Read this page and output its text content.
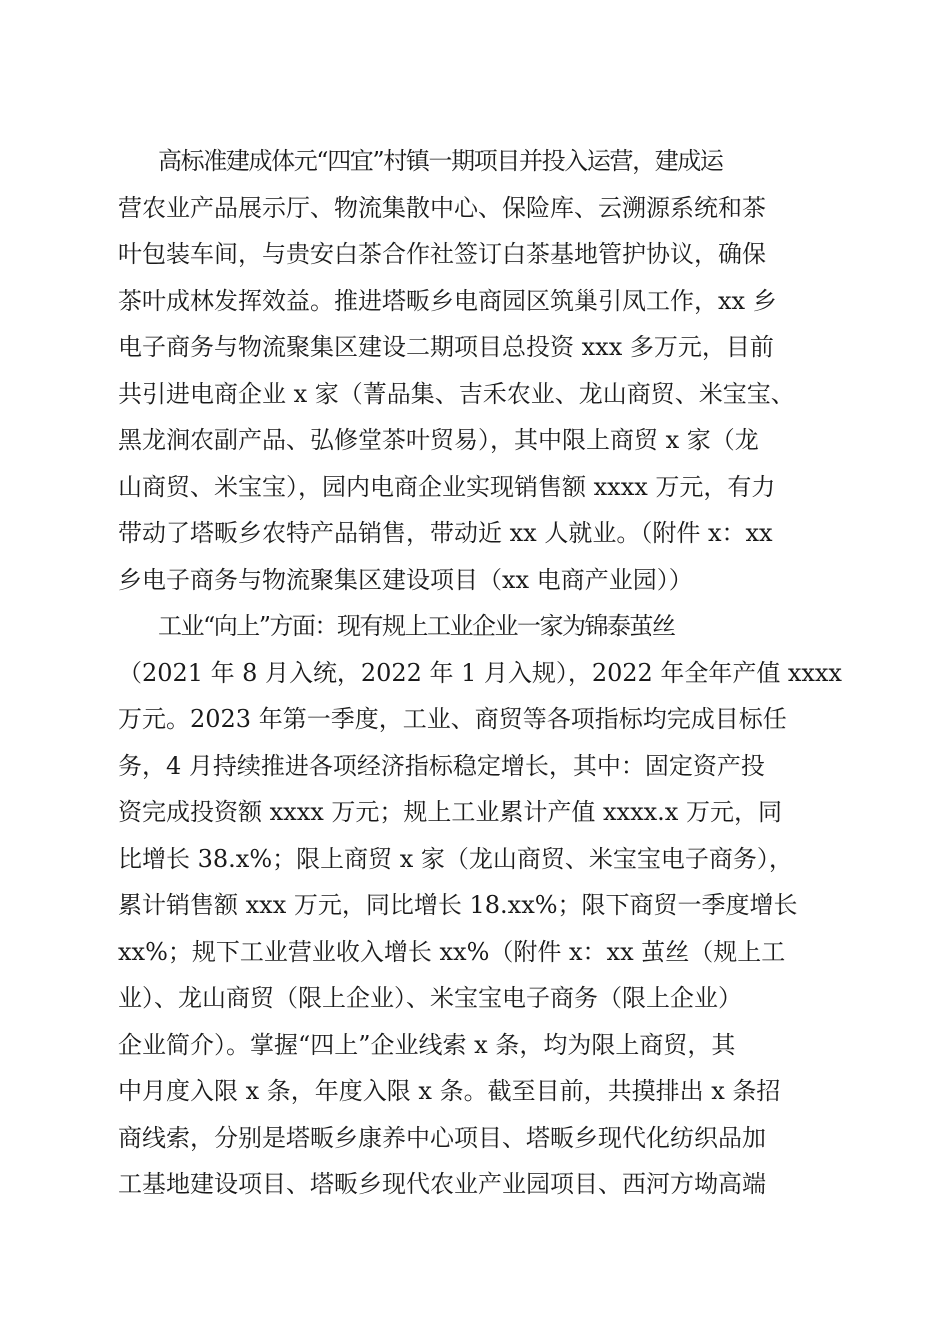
高标准建成体元“四宜”村镇一期项目并投入运营，建成运
营农业产品展示厅、物流集散中心、保险库、云溯源系统和茶
叶包装车间，与贵安白茶合作社签订白茶基地管护协议，确保
茶叶成林发挥效益。推进塔畈乡电商园区筑巢引凤工作，xx 乡
电子商务与物流聚集区建设二期项目总投资 xxx 多万元，目前
共引进电商企业 x 家（菁品集、吉禾农业、龙山商贸、米宝宝、
黑龙涧农副产品、弘修堂茶叶贸易），其中限上商贸 x 家（龙
山商贸、米宝宝），园内电商企业实现销售额 xxxx 万元，有力
带动了塔畈乡农特产品销售，带动近 xx 人就业。（附件 x：xx
乡电子商务与物流聚集区建设项目（xx 电商产业园））
工业“向上”方面：现有规上工业企业一家为锦泰茧丝
（2021 年 8 月入统，2022 年 1 月入规），2022 年全年产值 xxxx
万元。2023 年第一季度，工业、商贸等各项指标均完成目标任
务，4 月持续推进各项经济指标稳定增长，其中：固定资产投
资完成投资额 xxxx 万元；规上工业累计产值 xxxx.x 万元，同
比增长 38.x%；限上商贸 x 家（龙山商贸、米宝宝电子商务），
累计销售额 xxx 万元，同比增长 18.xx%；限下商贸一季度增长
xx%；规下工业营业收入增长 xx%（附件 x：xx 茧丝（规上工
业）、龙山商贸（限上企业）、米宝宝电子商务（限上企业）
企业简介）。掌握“四上”企业线索 x 条，均为限上商贸，其
中月度入限 x 条，年度入限 x 条。截至目前，共摸排出 x 条招
商线索，分别是塔畈乡康养中心项目、塔畈乡现代化纺织品加
工基地建设项目、塔畈乡现代农业产业园项目、西河方坳高端
